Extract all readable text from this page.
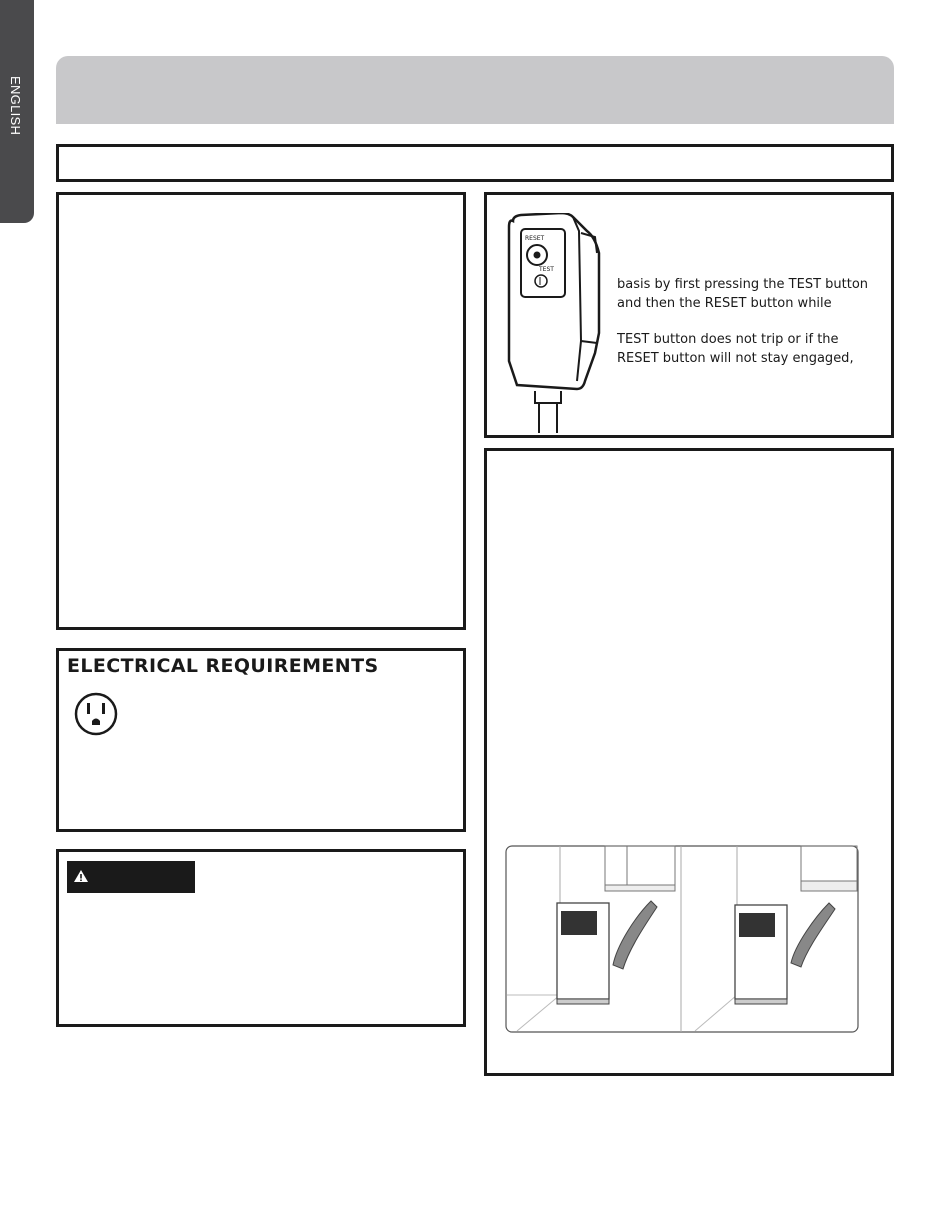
ENGLISH
RESET
TEST
basis by first pressing the TEST button
and then the RESET button while
TEST button does not trip or if the
RESET button will not stay engaged,
ELECTRICAL REQUIREMENTS
